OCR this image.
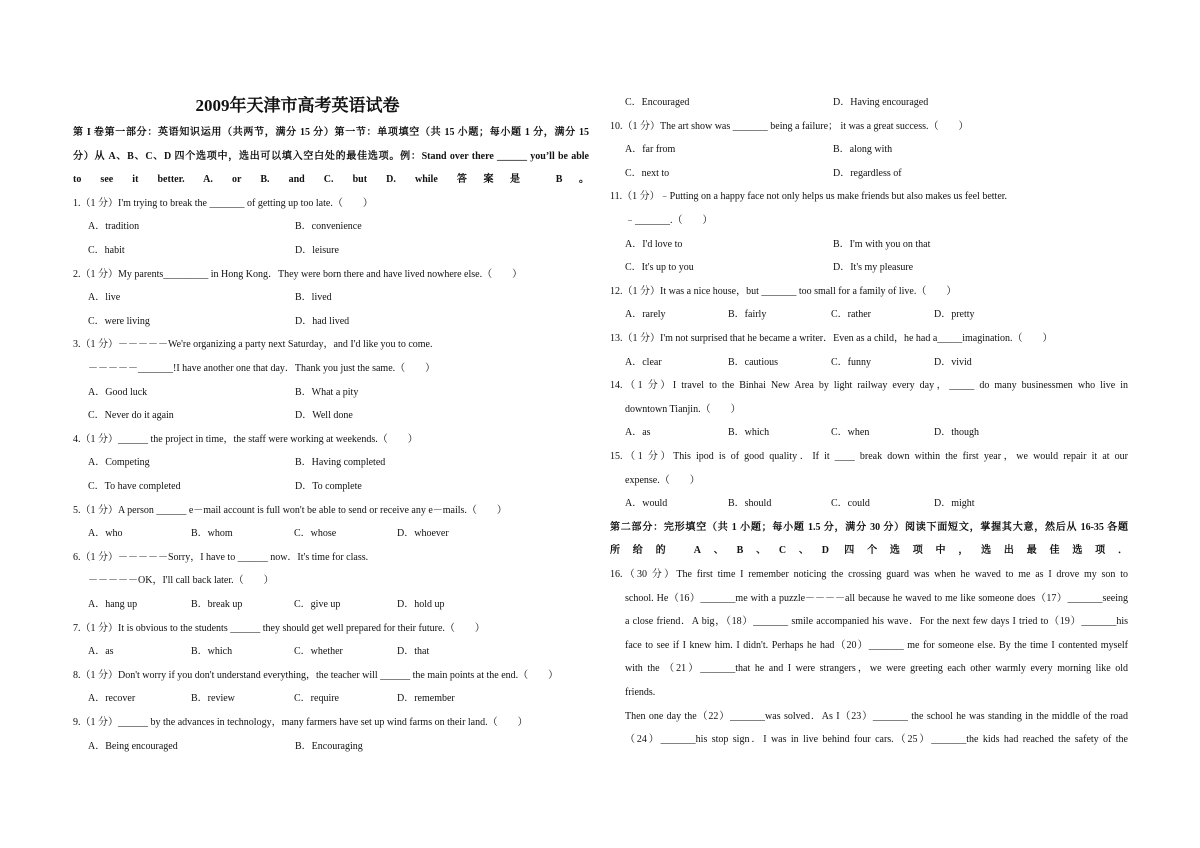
2009年天津市高考英语试卷
第 I 卷第一部分：英语知识运用（共两节，满分 15 分）第一节：单项填空（共 15 小题；每小题 1 分，满分 15
分）从 A、B、C、D 四个选项中，选出可以填入空白处的最佳选项。例：Stand over there ______ you’ll be able
to see it better. A. or B. and C. but D. while 答案是 B。
1.（1 分）I'm trying to break the _______ of getting up too late.（　　）
A．tradition	B．convenience
C．habit	D．leisure
2.（1 分）My parents_________ in Hong Kong．They were born there and have lived nowhere else.（　　）
A．live	B．lived
C．were living	D．had lived
3.（1 分）－－－－－We're organizing a party next Saturday，and I'd like you to come.
－－－－－_______!I have another one that day．Thank you just the same.（　　）
A．Good luck	B．What a pity
C．Never do it again	D．Well done
4.（1 分）______ the project in time，the staff were working at weekends.（　　）
A．Competing	B．Having completed
C．To have completed	D．To complete
5.（1 分）A person ______ e－mail account is full won't be able to send or receive any e－mails.（　　）
A．who	B．whom	C．whose	D．whoever
6.（1 分）－－－－－Sorry，I have to ______ now．It's time for class.
－－－－－OK，I'll call back later.（　　）
A．hang up	B．break up	C．give up	D．hold up
7.（1 分）It is obvious to the students ______ they should get well prepared for their future.（　　）
A．as	B．which	C．whether	D．that
8.（1 分）Don't worry if you don't understand everything，the teacher will ______ the main points at the end.（　　）
A．recover	B．review	C．require	D．remember
9.（1 分）______ by the advances in technology，many farmers have set up wind farms on their land.（　　）
A．Being encouraged	B．Encouraging
C．Encouraged	D．Having encouraged
10.（1 分）The art show was _______ being a failure； it was a great success.（　　）
A．far from	B．along with
C．next to	D．regardless of
11.（1 分）﹣Putting on a happy face not only helps us make friends but also makes us feel better.
﹣_______.（　　）
A．I'd love to	B．I'm with you on that
C．It's up to you	D．It's my pleasure
12.（1 分）It was a nice house，but _______ too small for a family of live.（　　）
A．rarely	B．fairly	C．rather	D．pretty
13.（1 分）I'm not surprised that he became a writer．Even as a child，he had a_____imagination.（　　）
A．clear	B．cautious	C．funny	D．vivid
14.（1 分）I travel to the Binhai New Area by light railway every day，_____ do many businessmen who live in
downtown Tianjin.（　　）
A．as	B．which	C．when	D．though
15.（1 分）This ipod is of good quality．If it ____ break down within the first year，we would repair it at our
expense.（　　）
A．would	B．should	C．could	D．might
第二部分：完形填空（共 1 小题；每小题 1.5 分，满分 30 分）阅读下面短文，掌握其大意，然后从 16-35 各题
所给的 A、B、C、D 四个选项中，选出最佳选项．
16.（30 分）The first time I remember noticing the crossing guard was when he waved to me as I drove my son to
school. He（16）_______me with a puzzle－－－－all because he waved to me like someone does（17）_______seeing
a close friend．A big，（18）_______ smile accompanied his wave．For the next few days I tried to（19）_______his
face to see if I knew him. I didn't. Perhaps he had（20）_______ me for someone else. By the time I contented myself
with the （21）_______that he and I were strangers，we were greeting each other warmly every morning like old
friends.
Then one day the（22）_______was solved．As I（23）_______ the school he was standing in the middle of the road
（24）_______his stop sign．I was in live behind four cars.（25）_______the kids had reached the safety of the
